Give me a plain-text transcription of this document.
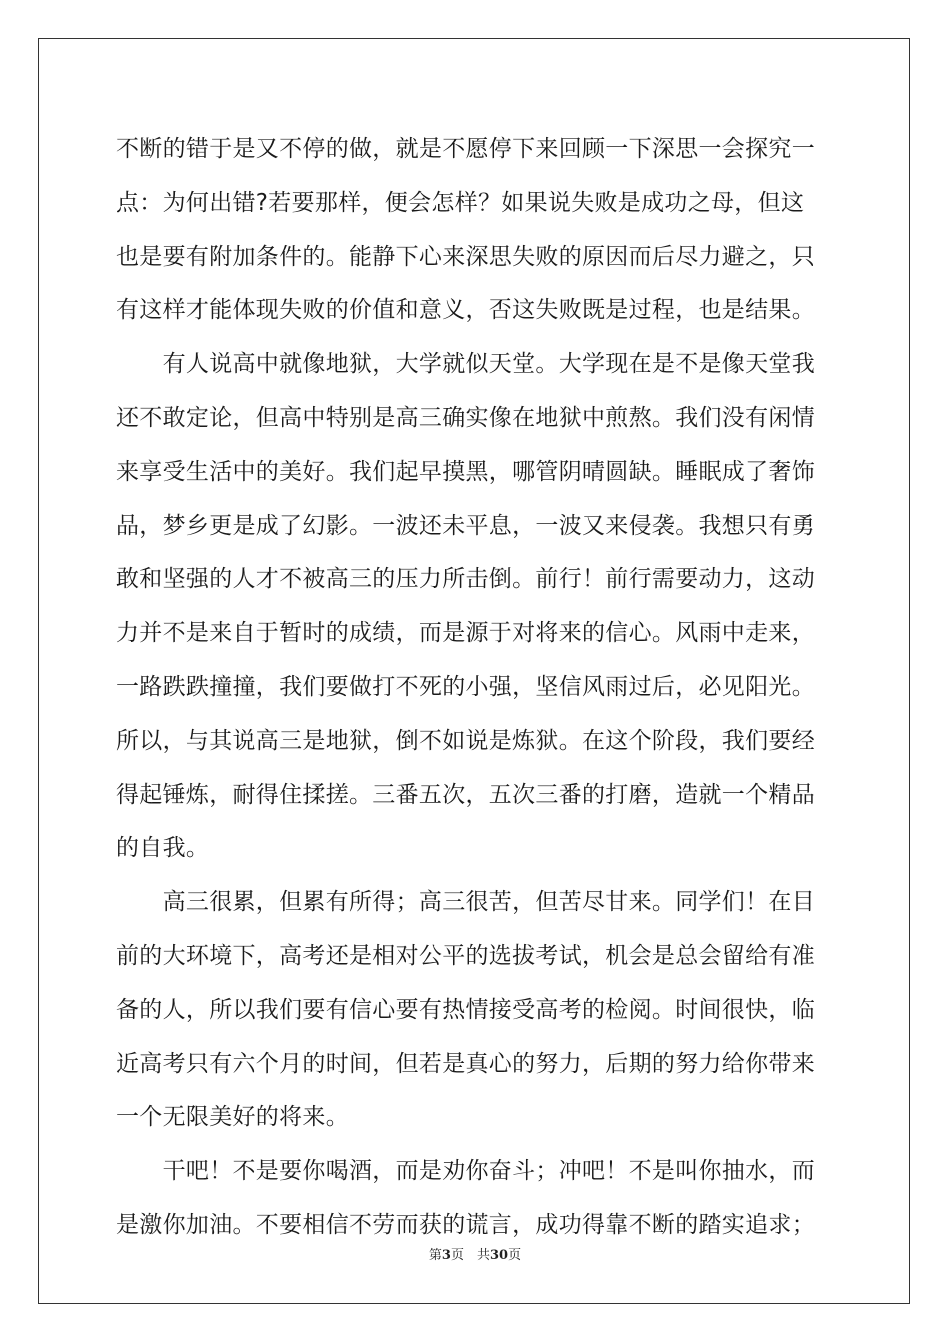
不断的错于是又不停的做，就是不愿停下来回顾一下深思一会探究一
点：为何出错?若要那样，便会怎样？如果说失败是成功之母，但这
也是要有附加条件的。能静下心来深思失败的原因而后尽力避之，只
有这样才能体现失败的价值和意义，否这失败既是过程，也是结果。
　　有人说高中就像地狱，大学就似天堂。大学现在是不是像天堂我
还不敢定论，但高中特别是高三确实像在地狱中煎熬。我们没有闲情
来享受生活中的美好。我们起早摸黑，哪管阴晴圆缺。睡眠成了奢饰
品，梦乡更是成了幻影。一波还未平息，一波又来侵袭。我想只有勇
敢和坚强的人才不被高三的压力所击倒。前行！前行需要动力，这动
力并不是来自于暂时的成绩，而是源于对将来的信心。风雨中走来，
一路跌跌撞撞，我们要做打不死的小强，坚信风雨过后，必见阳光。
所以，与其说高三是地狱，倒不如说是炼狱。在这个阶段，我们要经
得起锤炼，耐得住揉搓。三番五次，五次三番的打磨，造就一个精品
的自我。
　　高三很累，但累有所得；高三很苦，但苦尽甘来。同学们！在目
前的大环境下，高考还是相对公平的选拔考试，机会是总会留给有准
备的人，所以我们要有信心要有热情接受高考的检阅。时间很快，临
近高考只有六个月的时间，但若是真心的努力，后期的努力给你带来
一个无限美好的将来。
　　干吧！不是要你喝酒，而是劝你奋斗；冲吧！不是叫你抽水，而
是激你加油。不要相信不劳而获的谎言，成功得靠不断的踏实追求；
第3页　共30页
